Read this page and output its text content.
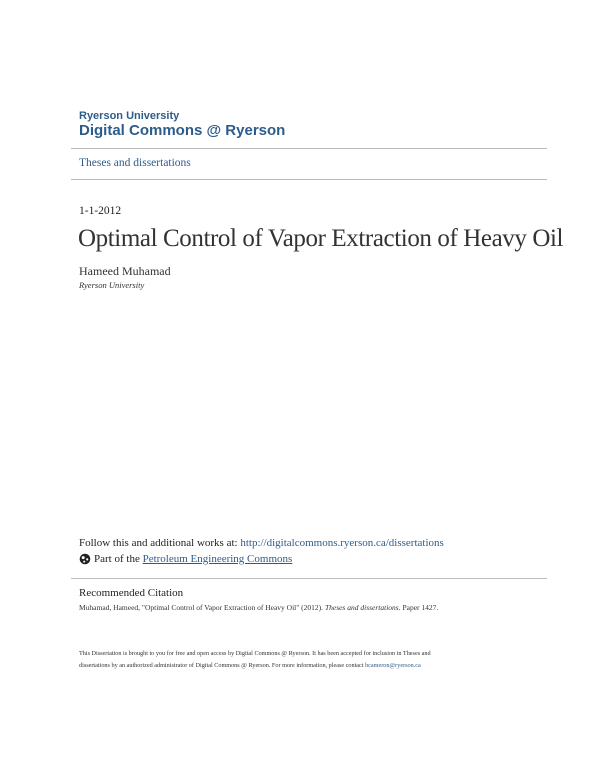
Ryerson University
Digital Commons @ Ryerson
Theses and dissertations
1-1-2012
Optimal Control of Vapor Extraction of Heavy Oil
Hameed Muhamad
Ryerson University
Follow this and additional works at: http://digitalcommons.ryerson.ca/dissertations
Part of the
Petroleum Engineering Commons
Recommended Citation
Muhamad, Hameed, "Optimal Control of Vapor Extraction of Heavy Oil" (2012). Theses and dissertations. Paper 1427.
This Dissertation is brought to you for free and open access by Digital Commons @ Ryerson. It has been accepted for inclusion in Theses and
dissertations by an authorized administrator of Digital Commons @ Ryerson. For more information, please contact bcameron@ryerson.ca
